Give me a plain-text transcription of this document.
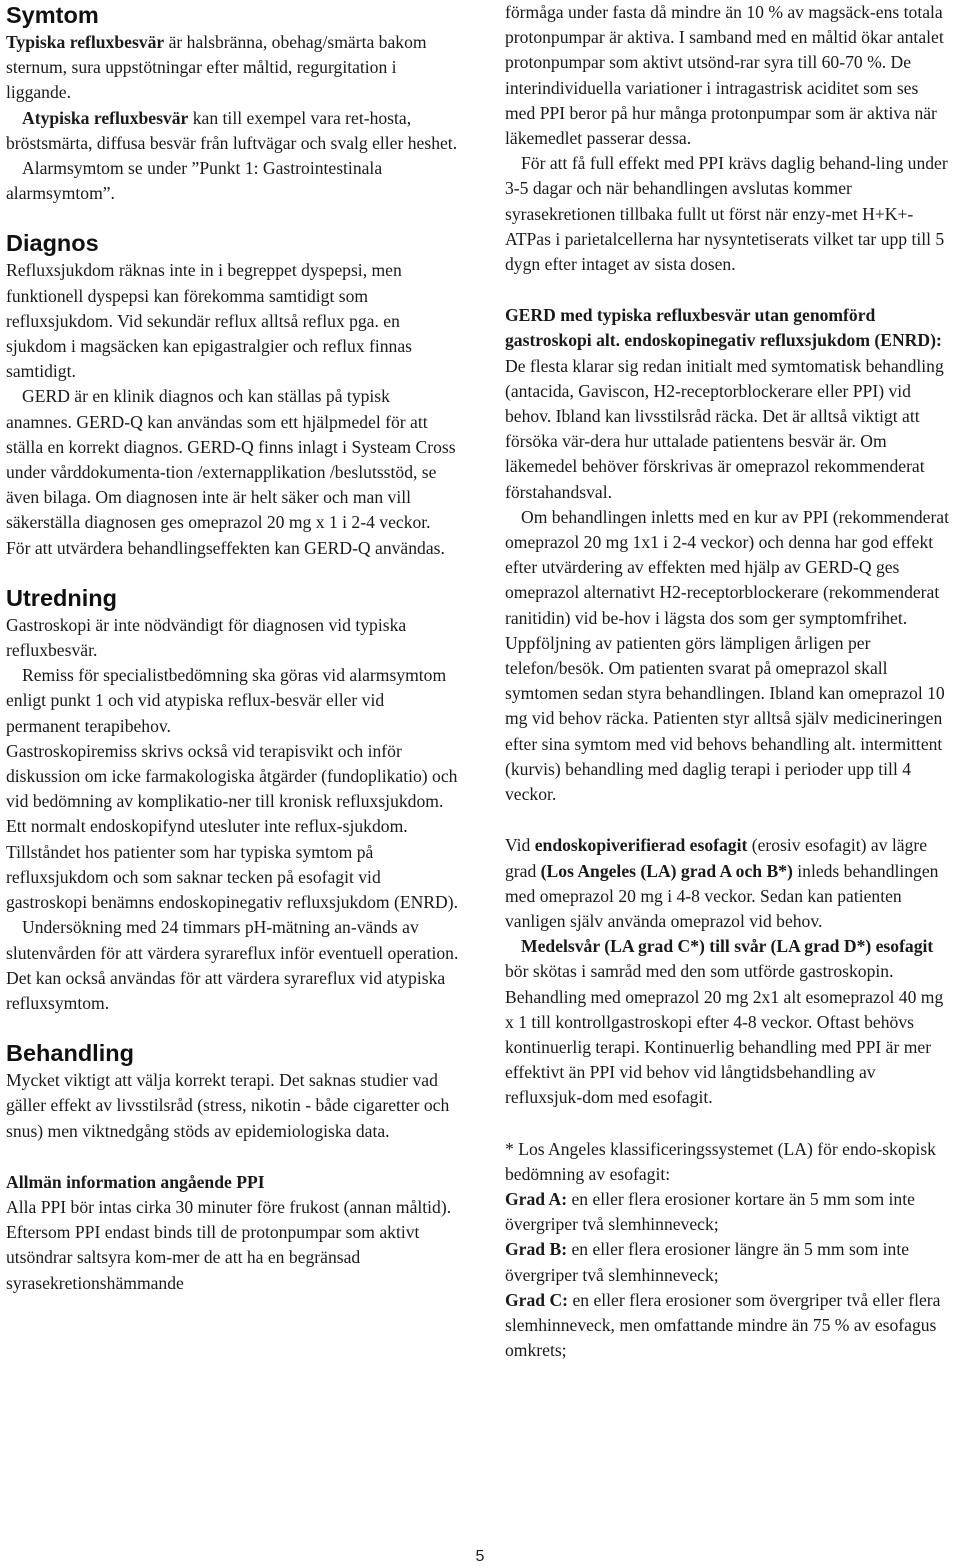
Symtom

Typiska refluxbesvär är halsbränna, obehag/smärta bakom sternum, sura uppstötningar efter måltid, regurgitation i liggande.

Atypiska refluxbesvär kan till exempel vara ret-hosta, bröstsmärta, diffusa besvär från luftvägar och svalg eller heshet.

Alarmsymtom se under ”Punkt 1: Gastrointestinala alarmsymtom”.

Diagnos

Refluxsjukdom räknas inte in i begreppet dyspepsi, men funktionell dyspepsi kan förekomma samtidigt som refluxsjukdom. Vid sekundär reflux alltså reflux pga. en sjukdom i magsäcken kan epigastralgier och reflux finnas samtidigt.

GERD är en klinik diagnos och kan ställas på typisk anamnes. GERD-Q kan användas som ett hjälpmedel för att ställa en korrekt diagnos. GERD-Q finns inlagt i Systeam Cross under vårddokumenta-tion /externapplikation /beslutsstöd, se även bilaga. Om diagnosen inte är helt säker och man vill säkerställa diagnosen ges omeprazol 20 mg x 1 i 2-4 veckor. För att utvärdera behandlingseffekten kan GERD-Q användas.

Utredning

Gastroskopi är inte nödvändigt för diagnosen vid typiska refluxbesvär.

Remiss för specialistbedömning ska göras vid alarmsymtom enligt punkt 1 och vid atypiska reflux-besvär eller vid permanent terapibehov.

Gastroskopiremiss skrivs också vid terapisvikt och inför diskussion om icke farmakologiska åtgärder (fundoplikatio) och vid bedömning av komplikatio-ner till kronisk refluxsjukdom.

Ett normalt endoskopifynd utesluter inte reflux-sjukdom. Tillståndet hos patienter som har typiska symtom på refluxsjukdom och som saknar tecken på esofagit vid gastroskopi benämns endoskopinegativ refluxsjukdom (ENRD).

Undersökning med 24 timmars pH-mätning an-vänds av slutenvården för att värdera syrareflux inför eventuell operation. Det kan också användas för att värdera syrareflux vid atypiska refluxsymtom.

Behandling

Mycket viktigt att välja korrekt terapi. Det saknas studier vad gäller effekt av livsstilsråd (stress, nikotin - både cigaretter och snus) men viktnedgång stöds av epidemiologiska data.

Allmän information angående PPI

Alla PPI bör intas cirka 30 minuter före frukost (annan måltid). Eftersom PPI endast binds till de protonpumpar som aktivt utsöndrar saltsyra kom-mer de att ha en begränsad syrasekretionshämmande

förmåga under fasta då mindre än 10 % av magsäck-ens totala protonpumpar är aktiva. I samband med en måltid ökar antalet protonpumpar som aktivt utsönd-rar syra till 60-70 %. De interindividuella variationer i intragastrisk aciditet som ses med PPI beror på hur många protonpumpar som är aktiva när läkemedlet passerar dessa.

För att få full effekt med PPI krävs daglig behand-ling under 3-5 dagar och när behandlingen avslutas kommer syrasekretionen tillbaka fullt ut först när enzy-met H+K+-ATPas i parietalcellerna har nysyntetiserats vilket tar upp till 5 dygn efter intaget av sista dosen.

GERD med typiska refluxbesvär utan genomförd gastroskopi alt. endoskopinegativ refluxsjukdom (ENRD): De flesta klarar sig redan initialt med symtomatisk behandling (antacida, Gaviscon, H2-receptorblockerare eller PPI) vid behov. Ibland kan livsstilsråd räcka. Det är alltså viktigt att försöka vär-dera hur uttalade patientens besvär är. Om läkemedel behöver förskrivas är omeprazol rekommenderat förstahandsval.

Om behandlingen inletts med en kur av PPI (rekommenderat omeprazol 20 mg 1x1 i 2-4 veckor) och denna har god effekt efter utvärdering av effekten med hjälp av GERD-Q ges omeprazol alternativt H2-receptorblockerare (rekommenderat ranitidin) vid be-hov i lägsta dos som ger symptomfrihet. Uppföljning av patienten görs lämpligen årligen per telefon/besök. Om patienten svarat på omeprazol skall symtomen sedan styra behandlingen. Ibland kan omeprazol 10 mg vid behov räcka. Patienten styr alltså själv medicineringen efter sina symtom med vid behovs behandling alt. intermittent (kurvis) behandling med daglig terapi i perioder upp till 4 veckor.

Vid endoskopiverifierad esofagit (erosiv esofagit) av lägre grad (Los Angeles (LA) grad A och B*) inleds behandlingen med omeprazol 20 mg i 4-8 veckor. Sedan kan patienten vanligen själv använda omeprazol vid behov.

Medelsvår (LA grad C*) till svår (LA grad D*) esofagit bör skötas i samråd med den som utförde gastroskopin. Behandling med omeprazol 20 mg 2x1 alt esomeprazol 40 mg x 1 till kontrollgastroskopi efter 4-8 veckor. Oftast behövs kontinuerlig terapi. Kontinuerlig behandling med PPI är mer effektivt än PPI vid behov vid långtidsbehandling av refluxsjuk-dom med esofagit.

* Los Angeles klassificeringssystemet (LA) för endo-skopisk bedömning av esofagit:

Grad A: en eller flera erosioner kortare än 5 mm som inte övergriper två slemhinneveck;

Grad B: en eller flera erosioner längre än 5 mm som inte övergriper två slemhinneveck;

Grad C: en eller flera erosioner som övergriper två eller flera slemhinneveck, men omfattande mindre än 75 % av esofagus omkrets;

5
